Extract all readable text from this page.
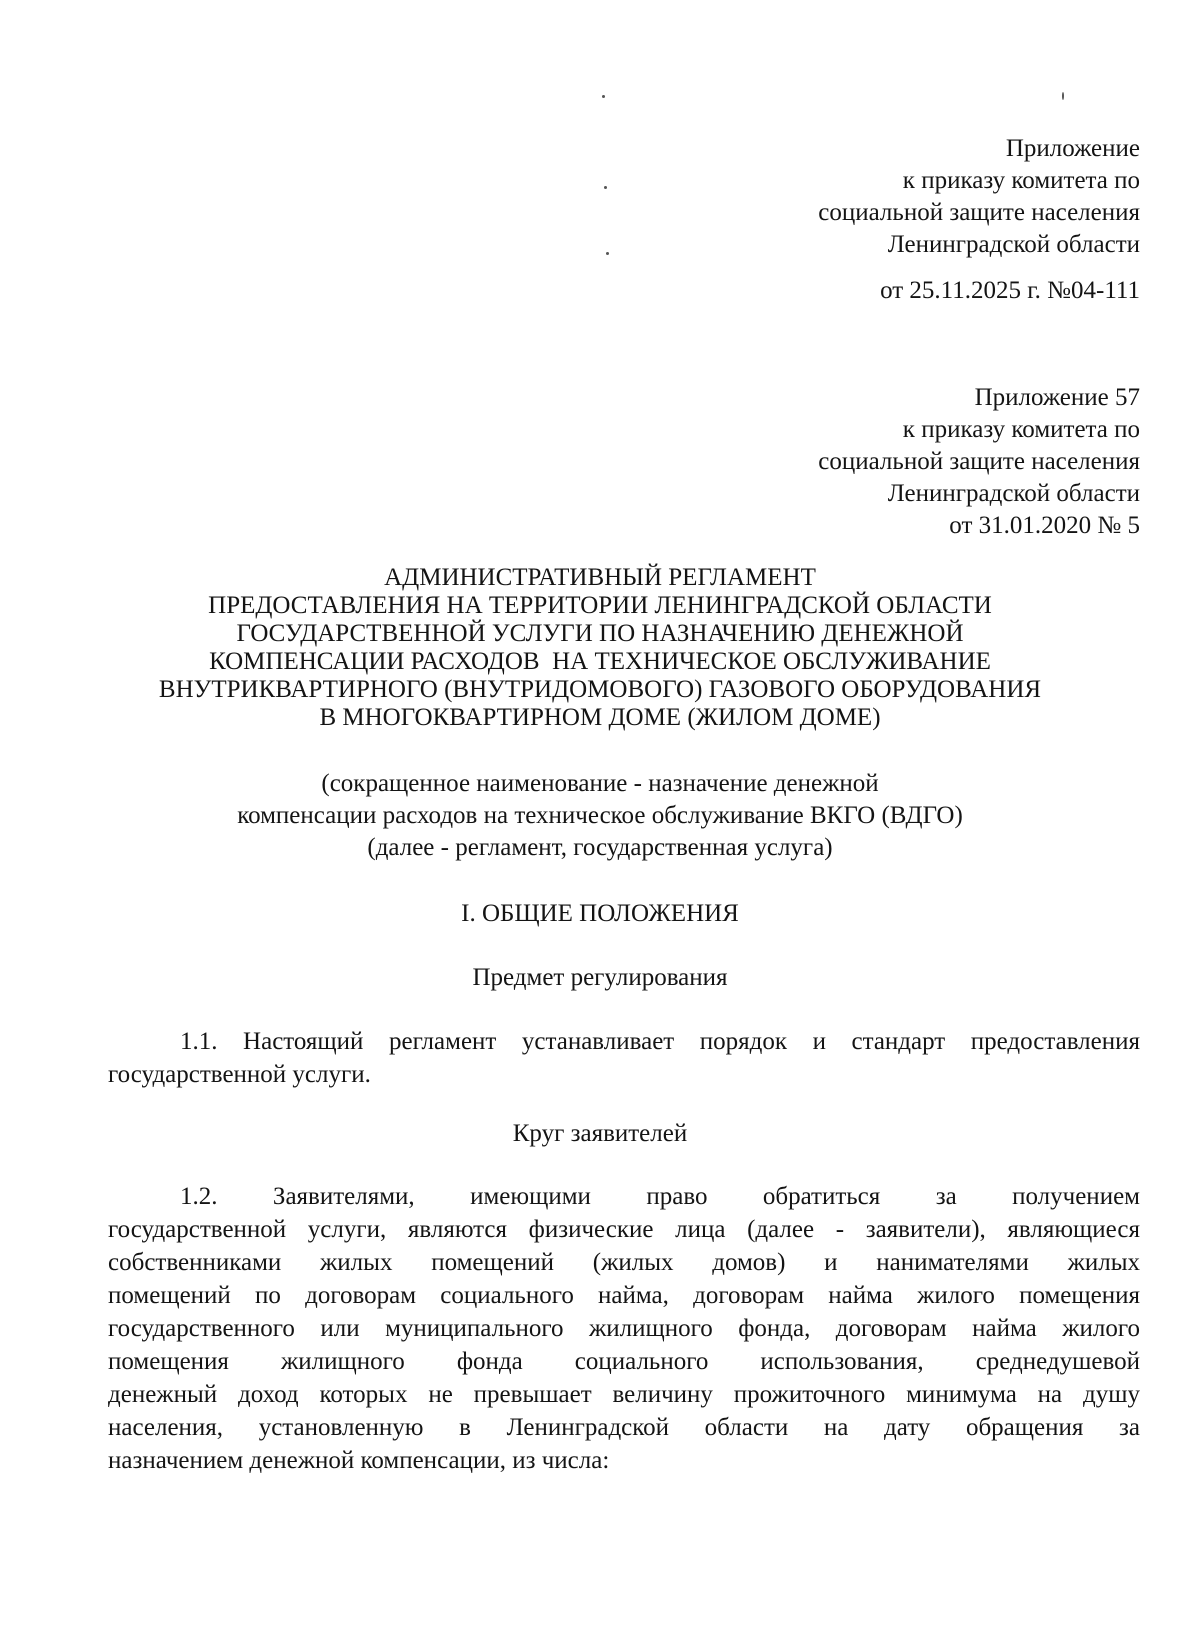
Приложение
к приказу комитета по
социальной защите населения
Ленинградской области
от 25.11.2025 г. №04-111
Приложение 57
к приказу комитета по
социальной защите населения
Ленинградской области
от 31.01.2020 № 5
АДМИНИСТРАТИВНЫЙ РЕГЛАМЕНТ
ПРЕДОСТАВЛЕНИЯ НА ТЕРРИТОРИИ ЛЕНИНГРАДСКОЙ ОБЛАСТИ
ГОСУДАРСТВЕННОЙ УСЛУГИ ПО НАЗНАЧЕНИЮ ДЕНЕЖНОЙ
КОМПЕНСАЦИИ РАСХОДОВ  НА ТЕХНИЧЕСКОЕ ОБСЛУЖИВАНИЕ
ВНУТРИКВАРТИРНОГО (ВНУТРИДОМОВОГО) ГАЗОВОГО ОБОРУДОВАНИЯ
В МНОГОКВАРТИРНОМ ДОМЕ (ЖИЛОМ ДОМЕ)
(сокращенное наименование - назначение денежной
компенсации расходов на техническое обслуживание ВКГО (ВДГО)
(далее - регламент, государственная услуга)
I. ОБЩИЕ ПОЛОЖЕНИЯ
Предмет регулирования
1.1. Настоящий регламент устанавливает порядок и стандарт предоставления
государственной услуги.
Круг заявителей
1.2. Заявителями, имеющими право обратиться за получением
государственной услуги, являются физические лица (далее - заявители), являющиеся
собственниками жилых помещений (жилых домов) и нанимателями жилых
помещений по договорам социального найма, договорам найма жилого помещения
государственного или муниципального жилищного фонда, договорам найма жилого
помещения жилищного фонда социального использования, среднедушевой
денежный доход которых не превышает величину прожиточного минимума на душу
населения, установленную в Ленинградской области на дату обращения за
назначением денежной компенсации, из числа:
